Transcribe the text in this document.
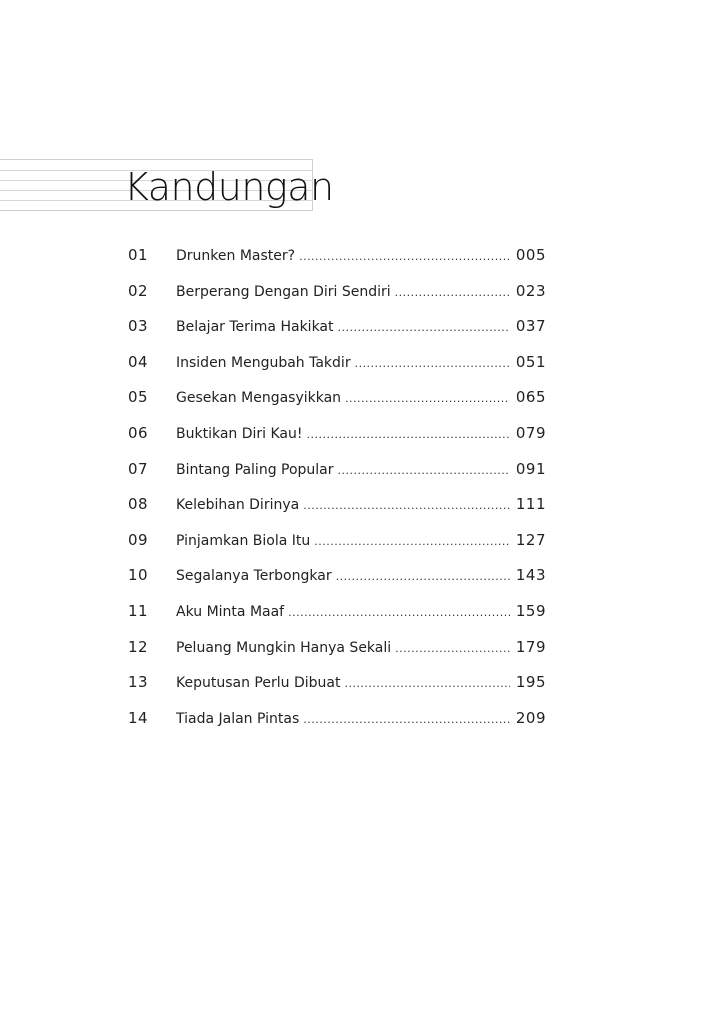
Kandungan
01	Drunken Master? . . .	005
02	Berperang Dengan Diri Sendiri . . .	023
03	Belajar Terima Hakikat . . .	037
04	Insiden Mengubah Takdir . . .	051
05	Gesekan Mengasyikkan . . .	065
06	Buktikan Diri Kau! . . .	079
07	Bintang Paling Popular . . .	091
08	Kelebihan Dirinya . . .	111
09	Pinjamkan Biola Itu . . .	127
10	Segalanya Terbongkar . . .	143
11	Aku Minta Maaf . . .	159
12	Peluang Mungkin Hanya Sekali . . .	179
13	Keputusan Perlu Dibuat . . .	195
14	Tiada Jalan Pintas . . .	209
